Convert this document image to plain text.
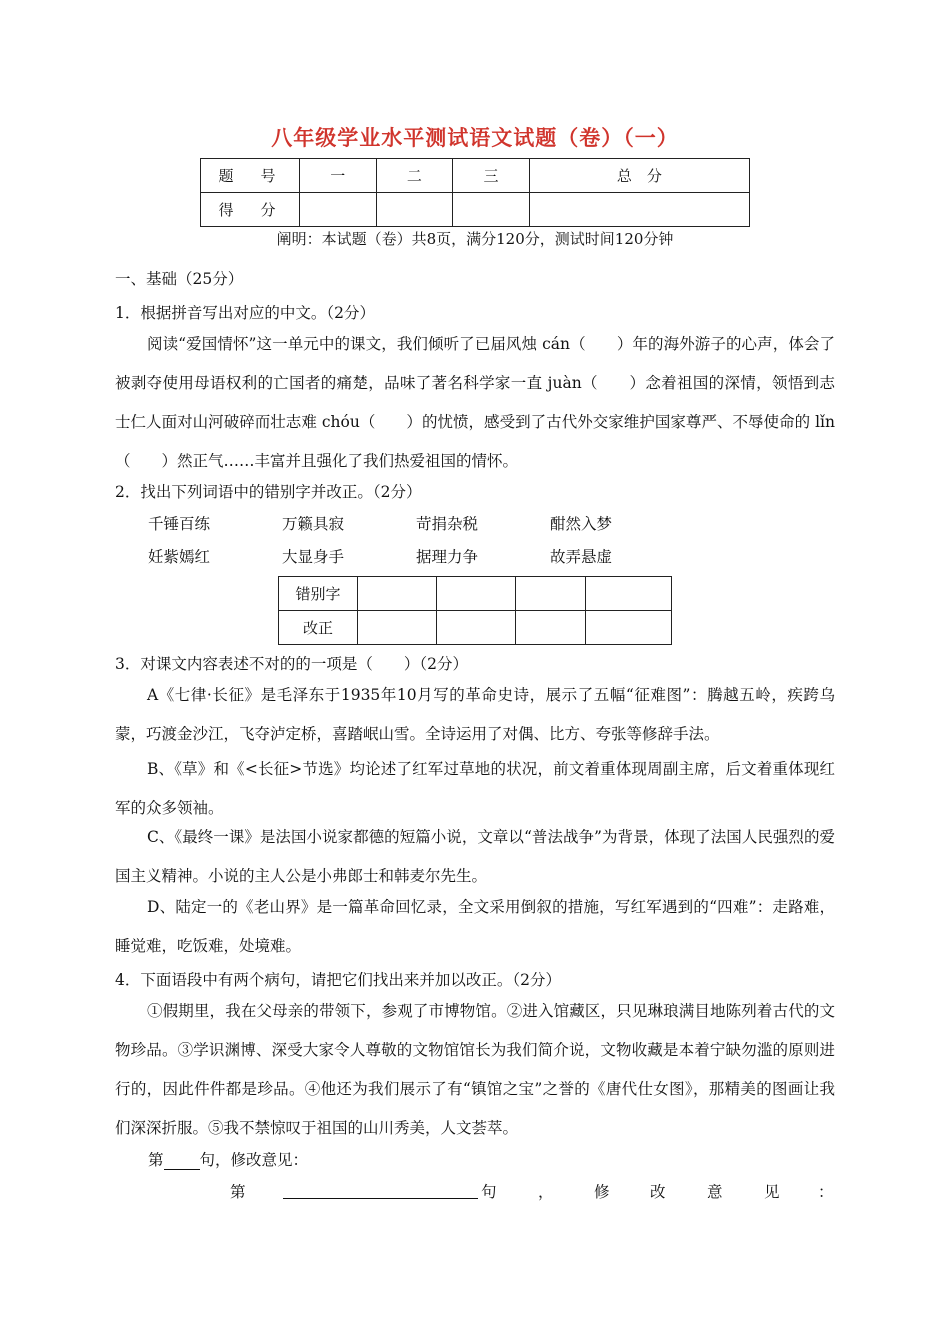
八年级学业水平测试语文试题（卷）（一）
题　号	一	二	三	总　分
得　分				
阐明：本试题（卷）共8页，满分120分，测试时间120分钟
一、基础（25分）
1．根据拼音写出对应的中文。（2分）
阅读“爱国情怀”这一单元中的课文，我们倾听了已届风烛 cán（　　）年的海外游子的心声，体会了被剥夺使用母语权利的亡国者的痛楚，品味了著名科学家一直 juàn（　　）念着祖国的深情，领悟到志士仁人面对山河破碎而壮志难 chóu（　　）的忧愤，感受到了古代外交家维护国家尊严、不辱使命的 lǐn（　　）然正气……丰富并且强化了我们热爱祖国的情怀。
2．找出下列词语中的错别字并改正。（2分）
千锤百练	万籁具寂	苛捐杂税	酣然入梦
妊紫嫣红	大显身手	据理力争	故弄悬虚
错别字				
改正				
3．对课文内容表述不对的的一项是（　　）（2分）
A《七律·长征》是毛泽东于1935年10月写的革命史诗，展示了五幅“征难图”：腾越五岭，疾跨乌蒙，巧渡金沙江，飞夺泸定桥，喜踏岷山雪。全诗运用了对偶、比方、夸张等修辞手法。
B、《草》和《<长征>节选》均论述了红军过草地的状况，前文着重体现周副主席，后文着重体现红军的众多领袖。
C、《最终一课》是法国小说家都德的短篇小说，文章以“普法战争”为背景，体现了法国人民强烈的爱国主义精神。小说的主人公是小弗郎士和韩麦尔先生。
D、陆定一的《老山界》是一篇革命回忆录，全文采用倒叙的措施，写红军遇到的“四难”：走路难，睡觉难，吃饭难，处境难。
4．下面语段中有两个病句，请把它们找出来并加以改正。（2分）
①假期里，我在父母亲的带领下，参观了市博物馆。②进入馆藏区，只见琳琅满目地陈列着古代的文物珍品。③学识渊博、深受大家令人尊敬的文物馆馆长为我们简介说，文物收藏是本着宁缺勿滥的原则进行的，因此件件都是珍品。④他还为我们展示了有“镇馆之宝”之誉的《唐代仕女图》，那精美的图画让我们深深折服。⑤我不禁惊叹于祖国的山川秀美，人文荟萃。
第 句，修改意见：
第	句	，	修	改	意	见 ：
